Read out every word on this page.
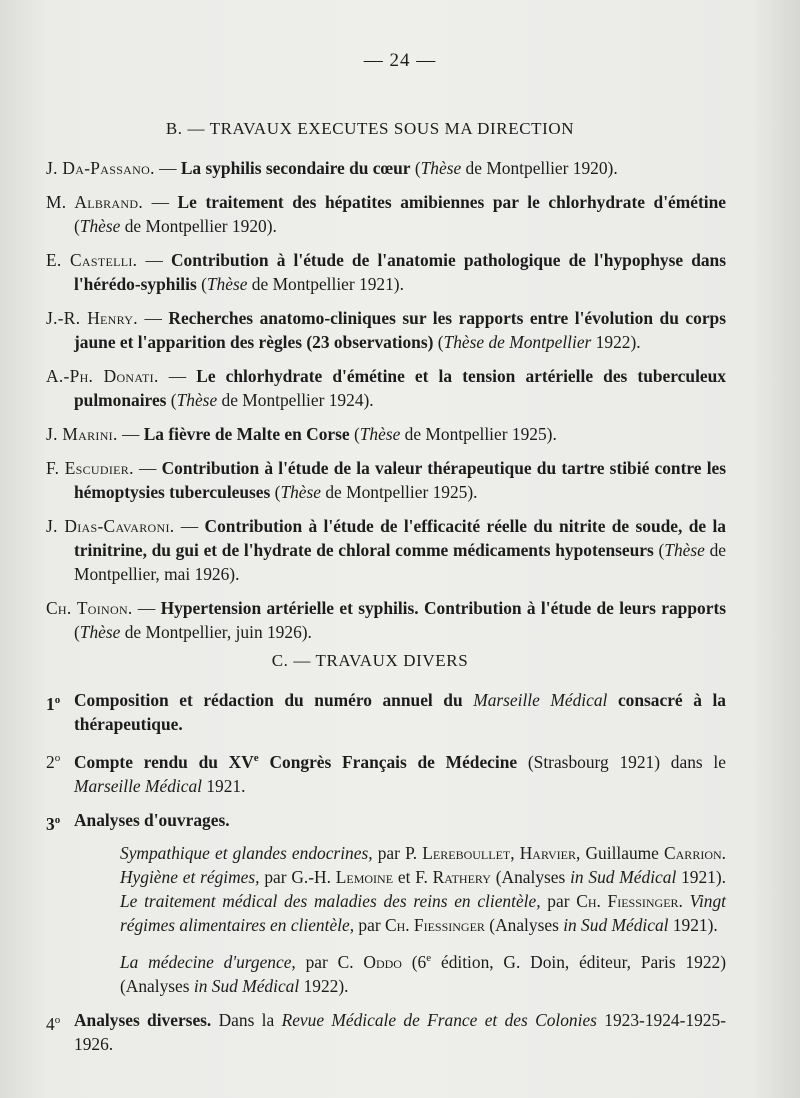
— 24 —
B. — TRAVAUX EXECUTES SOUS MA DIRECTION
J. Da-Passano. — La syphilis secondaire du cœur (Thèse de Montpellier 1920).
M. Albrand. — Le traitement des hépatites amibiennes par le chlorhydrate d'émétine (Thèse de Montpellier 1920).
E. Castelli. — Contribution à l'étude de l'anatomie pathologique de l'hypophyse dans l'hérédo-syphilis (Thèse de Montpellier 1921).
J.-R. Henry. — Recherches anatomo-cliniques sur les rapports entre l'évolution du corps jaune et l'apparition des règles (23 observations) (Thèse de Montpellier 1922).
A.-Ph. Donati. — Le chlorhydrate d'émétine et la tension artérielle des tuberculeux pulmonaires (Thèse de Montpellier 1924).
J. Marini. — La fièvre de Malte en Corse (Thèse de Montpellier 1925).
F. Escudier. — Contribution à l'étude de la valeur thérapeutique du tartre stibié contre les hémoptysies tuberculeuses (Thèse de Montpellier 1925).
J. Dias-Cavaroni. — Contribution à l'étude de l'efficacité réelle du nitrite de soude, de la trinitrine, du gui et de l'hydrate de chloral comme médicaments hypotenseurs (Thèse de Montpellier, mai 1926).
Ch. Toinon. — Hypertension artérielle et syphilis. Contribution à l'étude de leurs rapports (Thèse de Montpellier, juin 1926).
C. — TRAVAUX DIVERS
1$^o$ Composition et rédaction du numéro annuel du Marseille Médical consacré à la thérapeutique.
2$^o$ Compte rendu du XVe Congrès Français de Médecine (Strasbourg 1921) dans le Marseille Médical 1921.
3$^o$ Analyses d'ouvrages.
Sympathique et glandes endocrines, par P. Lereboullet, Harvier, Guillaume Carrion. Hygiène et régimes, par G.-H. Lemoine et F. Rathery (Analyses in Sud Médical 1921). Le traitement médical des maladies des reins en clientèle, par Ch. Fiessinger. Vingt régimes alimentaires en clientèle, par Ch. Fiessinger (Analyses in Sud Médical 1921).
La médecine d'urgence, par C. Oddo (6e édition, G. Doin, éditeur, Paris 1922) (Analyses in Sud Médical 1922).
4$^o$ Analyses diverses. Dans la Revue Médicale de France et des Colonies 1923-1924-1925-1926.
